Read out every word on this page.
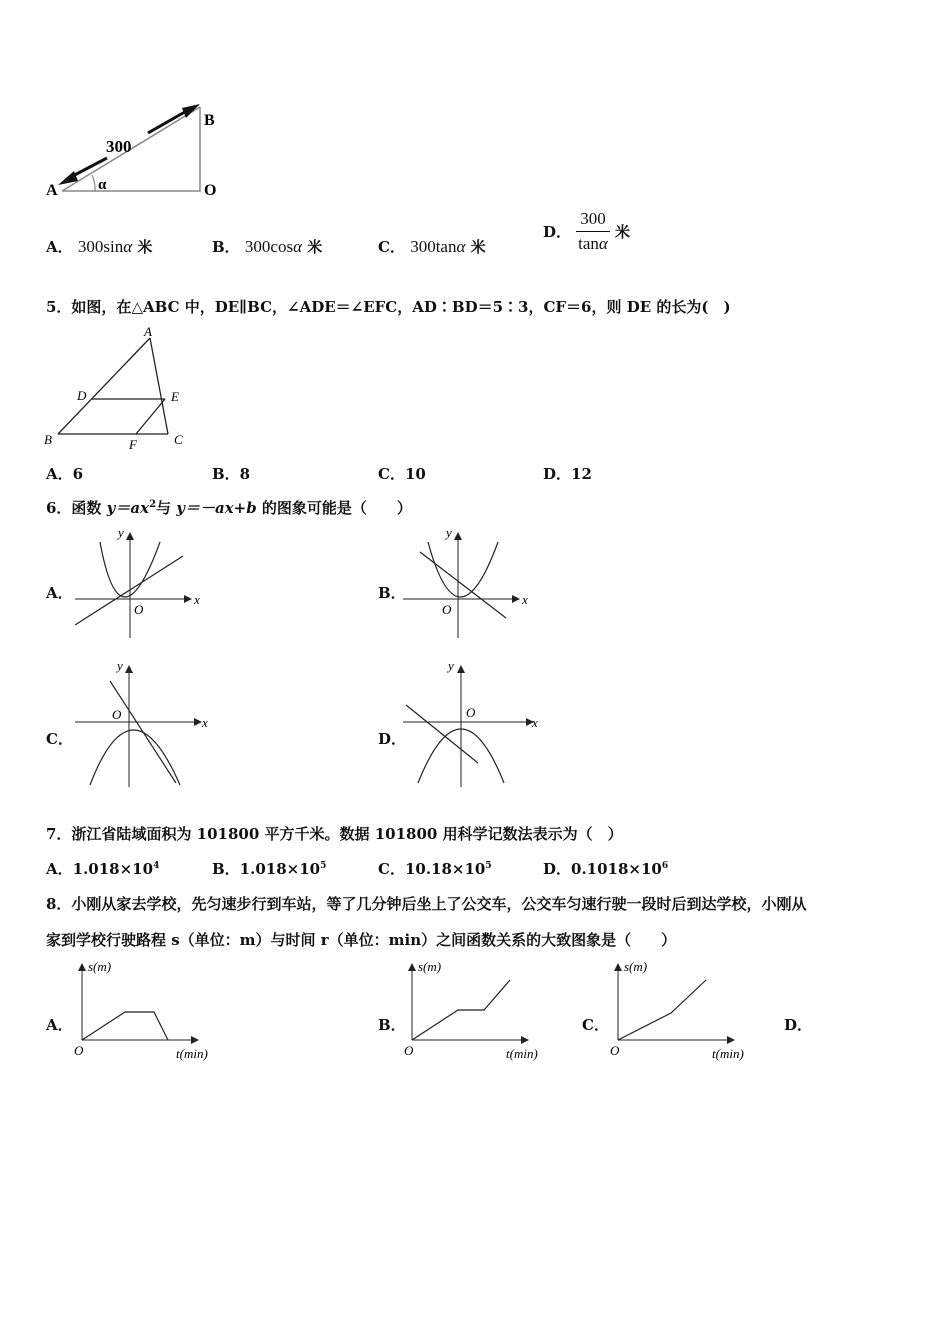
A
B
O
300
α
A． 300sinα 米	B． 300cosα 米	C． 300tanα 米
D． $\frac{300}{\tan\alpha}$ 米
5．如图，在△ABC 中，DE∥BC，∠ADE＝∠EFC，AD∶BD＝5∶3，CF＝6，则 DE 的长为(　)
A
B	C
D	E
F
A．6	B．8	C．10	D．12
6．函数 $y=ax^2$与 y＝－ax+b 的图象可能是（　　）
A．
y
x
O
B．
y
x
O
C．
y
x
O
D．
y
x
O
7．浙江省陆域面积为 101800 平方千米。数据 101800 用科学记数法表示为（　）
A．$1.018\times 10^4$	B．$1.018\times 10^5$	C．$10.18\times 10^5$	D．$0.1018\times 10^6$
8．小刚从家去学校，先匀速步行到车站，等了几分钟后坐上了公交车，公交车匀速行驶一段时后到达学校，小刚从
家到学校行驶路程 s（单位：m）与时间 r（单位：min）之间函数关系的大致图象是（　　）
A．
s(m)
t(min)
O
B．
s(m)
t(min)
O
C．
s(m)
t(min)
O
D．
